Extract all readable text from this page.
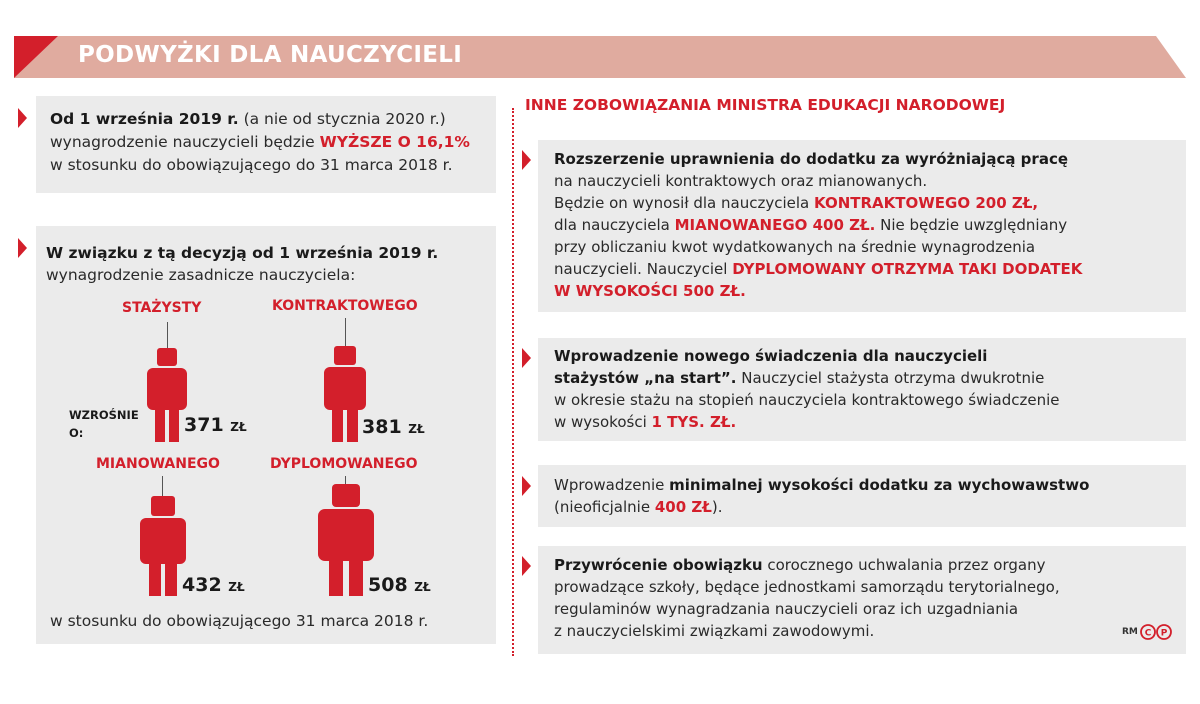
PODWYŻKI DLA NAUCZYCIELI
Od 1 września 2019 r. (a nie od stycznia 2020 r.)
wynagrodzenie nauczycieli będzie WYŻSZE O 16,1%
w stosunku do obowiązującego do 31 marca 2018 r.
W związku z tą decyzją od 1 września 2019 r.
wynagrodzenie zasadnicze nauczyciela:
STAŻYSTY
WZROŚNIE
O:	371 ZŁ
KONTRAKTOWEGO
381 ZŁ
MIANOWANEGO
432 ZŁ
DYPLOMOWANEGO
508 ZŁ
w stosunku do obowiązującego 31 marca 2018 r.
INNE ZOBOWIĄZANIA MINISTRA EDUKACJI NARODOWEJ
Rozszerzenie uprawnienia do dodatku za wyróżniającą pracę
na nauczycieli kontraktowych oraz mianowanych.
Będzie on wynosił dla nauczyciela KONTRAKTOWEGO 200 ZŁ,
dla nauczyciela MIANOWANEGO 400 ZŁ. Nie będzie uwzględniany
przy obliczaniu kwot wydatkowanych na średnie wynagrodzenia
nauczycieli. Nauczyciel DYPLOMOWANY OTRZYMA TAKI DODATEK
W WYSOKOŚCI 500 ZŁ.
Wprowadzenie nowego świadczenia dla nauczycieli
stażystów „na start”. Nauczyciel stażysta otrzyma dwukrotnie
w okresie stażu na stopień nauczyciela kontraktowego świadczenie
w wysokości 1 TYS. ZŁ.
Wprowadzenie minimalnej wysokości dodatku za wychowawstwo
(nieoficjalnie 400 ZŁ).
Przywrócenie obowiązku corocznego uchwalania przez organy
prowadzące szkoły, będące jednostkami samorządu terytorialnego,
regulaminów wynagradzania nauczycieli oraz ich uzgadniania
z nauczycielskimi związkami zawodowymi.	RM C P
